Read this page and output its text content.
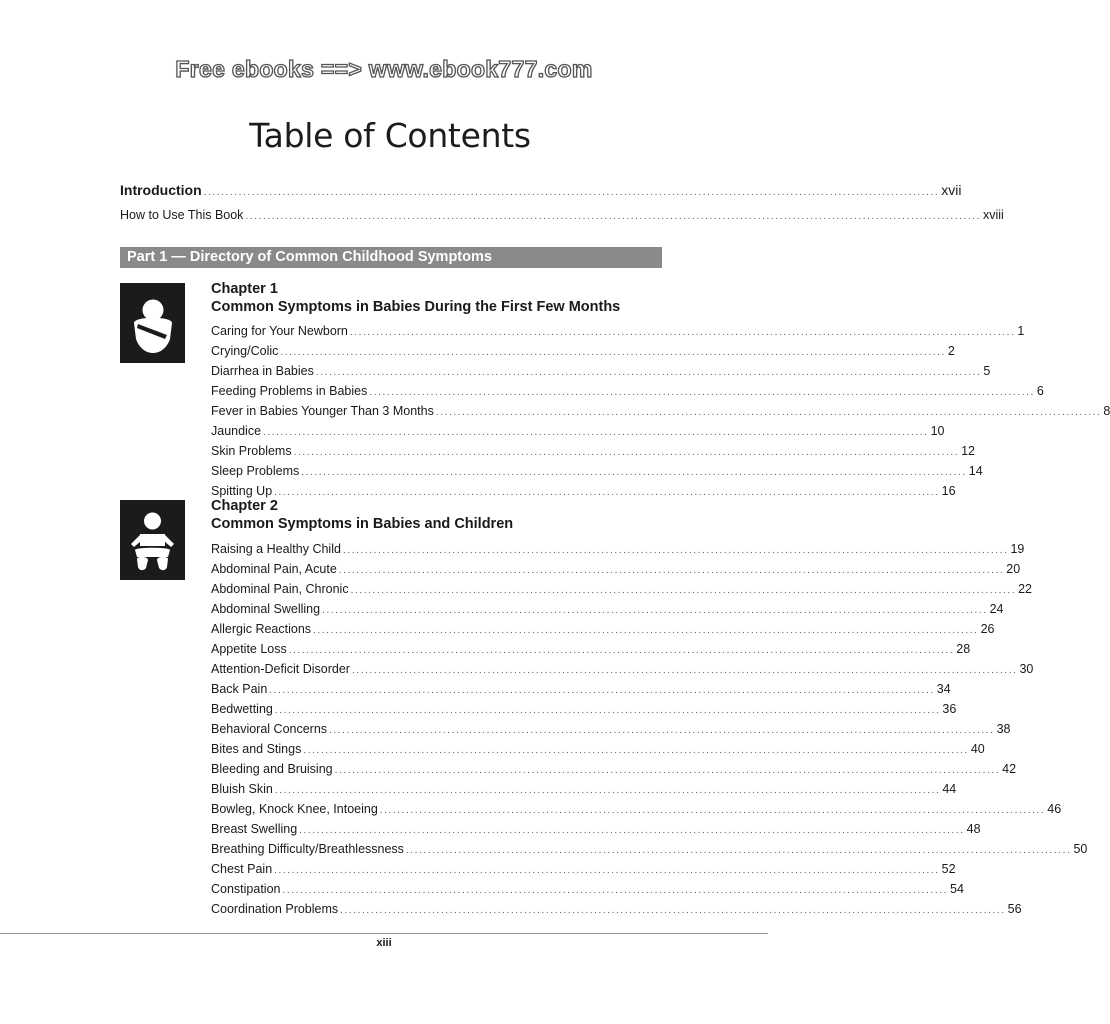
Free ebooks ==> www.ebook777.com
Table of Contents
Introduction ........................................................................................................................................................................ xvii
How to Use This Book ........................................................................................................................................................................ xviii
Part 1 — Directory of Common Childhood Symptoms
Chapter 1
Common Symptoms in Babies During the First Few Months
Caring for Your Newborn ........................................................................................................................................................ 1
Crying/Colic ........................................................................................................................................................ 2
Diarrhea in Babies ........................................................................................................................................................ 5
Feeding Problems in Babies ........................................................................................................................................................ 6
Fever in Babies Younger Than 3 Months ........................................................................................................................................................ 8
Jaundice ........................................................................................................................................................ 10
Skin Problems ........................................................................................................................................................ 12
Sleep Problems ........................................................................................................................................................ 14
Spitting Up ........................................................................................................................................................ 16
Chapter 2
Common Symptoms in Babies and Children
Raising a Healthy Child ........................................................................................................................................................ 19
Abdominal Pain, Acute ........................................................................................................................................................ 20
Abdominal Pain, Chronic ........................................................................................................................................................ 22
Abdominal Swelling ........................................................................................................................................................ 24
Allergic Reactions ........................................................................................................................................................ 26
Appetite Loss ........................................................................................................................................................ 28
Attention-Deficit Disorder ........................................................................................................................................................ 30
Back Pain ........................................................................................................................................................ 34
Bedwetting ........................................................................................................................................................ 36
Behavioral Concerns ........................................................................................................................................................ 38
Bites and Stings ........................................................................................................................................................ 40
Bleeding and Bruising ........................................................................................................................................................ 42
Bluish Skin ........................................................................................................................................................ 44
Bowleg, Knock Knee, Intoeing ........................................................................................................................................................ 46
Breast Swelling ........................................................................................................................................................ 48
Breathing Difficulty/Breathlessness ........................................................................................................................................................ 50
Chest Pain ........................................................................................................................................................ 52
Constipation ........................................................................................................................................................ 54
Coordination Problems ........................................................................................................................................................ 56
xiii
